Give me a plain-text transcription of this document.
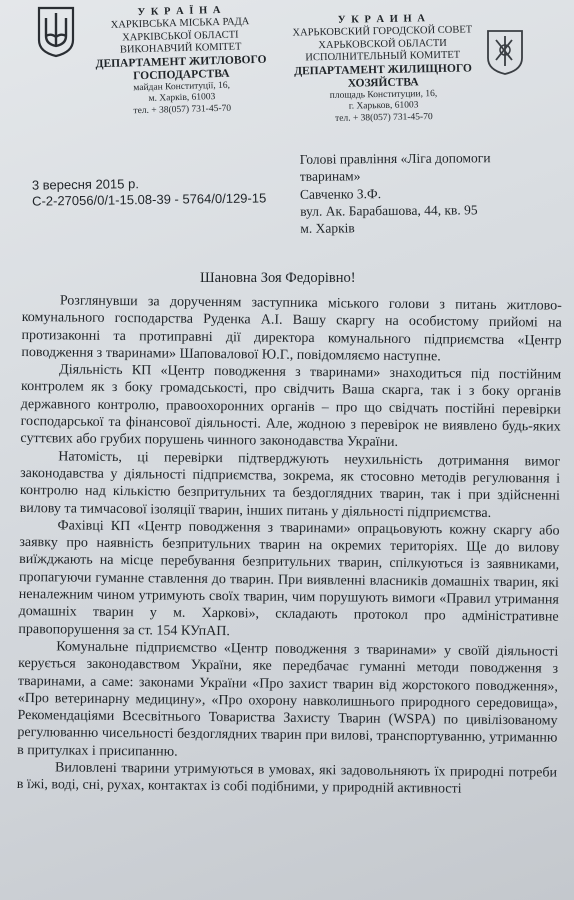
У К Р А Ї Н А
ХАРКІВСЬКА МІСЬКА РАДА
ХАРКІВСЬКОЇ ОБЛАСТІ
ВИКОНАВЧИЙ КОМІТЕТ
ДЕПАРТАМЕНТ ЖИТЛОВОГО ГОСПОДАРСТВА
майдан Конституції, 16,
м. Харків, 61003
тел. + 38(057) 731-45-70
У К Р А И Н А
ХАРЬКОВСКИЙ ГОРОДСКОЙ СОВЕТ
ХАРЬКОВСКОЙ ОБЛАСТИ
ИСПОЛНИТЕЛЬНЫЙ КОМИТЕТ
ДЕПАРТАМЕНТ ЖИЛИЩНОГО ХОЗЯЙСТВА
площадь Конституции, 16,
г. Харьков, 61003
тел. + 38(057) 731-45-70
3 вересня 2015 р.
С-2-27056/0/1-15.08-39 - 5764/0/129-15
Голові правління «Ліга допомоги
тваринам»
Савченко З.Ф.
вул. Ак. Барабашова, 44, кв. 95
м. Харків
Шановна Зоя Федорівно!

Розглянувши за дорученням заступника міського голови з питань житлово-комунального господарства Руденка А.І. Вашу скаргу на особистому прийомі на протизаконні та протиправні дії директора комунального підприємства «Центр поводження з тваринами» Шаповалової Ю.Г., повідомляємо наступне.

Діяльність КП «Центр поводження з тваринами» знаходиться під постійним контролем як з боку громадськості, про свідчить Ваша скарга, так і з боку органів державного контролю, правоохоронних органів – про що свідчать постійні перевірки господарської та фінансової діяльності. Але, жодною з перевірок не виявлено будь-яких суттєвих або грубих порушень чинного законодавства України.

Натомість, ці перевірки підтверджують неухильність дотримання вимог законодавства у діяльності підприємства, зокрема, як стосовно методів регулювання і контролю над кількістю безпритульних та бездоглядних тварин, так і при здійсненні вилову та тимчасової ізоляції тварин, інших питань у діяльності підприємства.

Фахівці КП «Центр поводження з тваринами» опрацьовують кожну скаргу або заявку про наявність безпритульних тварин на окремих територіях. Ще до вилову виїжджають на місце перебування безпритульних тварин, спілкуються із заявниками, пропагуючи гуманне ставлення до тварин. При виявленні власників домашніх тварин, які неналежним чином утримують своїх тварин, чим порушують вимоги «Правил утримання домашніх тварин у м. Харкові», складають протокол про адміністративне правопорушення за ст. 154 КУпАП.

Комунальне підприємство «Центр поводження з тваринами» у своїй діяльності керується законодавством України, яке передбачає гуманні методи поводження з тваринами, а саме: законами України «Про захист тварин від жорстокого поводження», «Про ветеринарну медицину», «Про охорону навколишнього природного середовища», Рекомендаціями Всесвітнього Товариства Захисту Тварин (WSPA) по цивілізованому регулюванню чисельності бездоглядних тварин при вилові, транспортуванню, утриманню в притулках і присипанню.

Виловлені тварини утримуються в умовах, які задовольняють їх природні потреби в їжі, воді, сні, рухах, контактах із собі подібними, у природній активності
